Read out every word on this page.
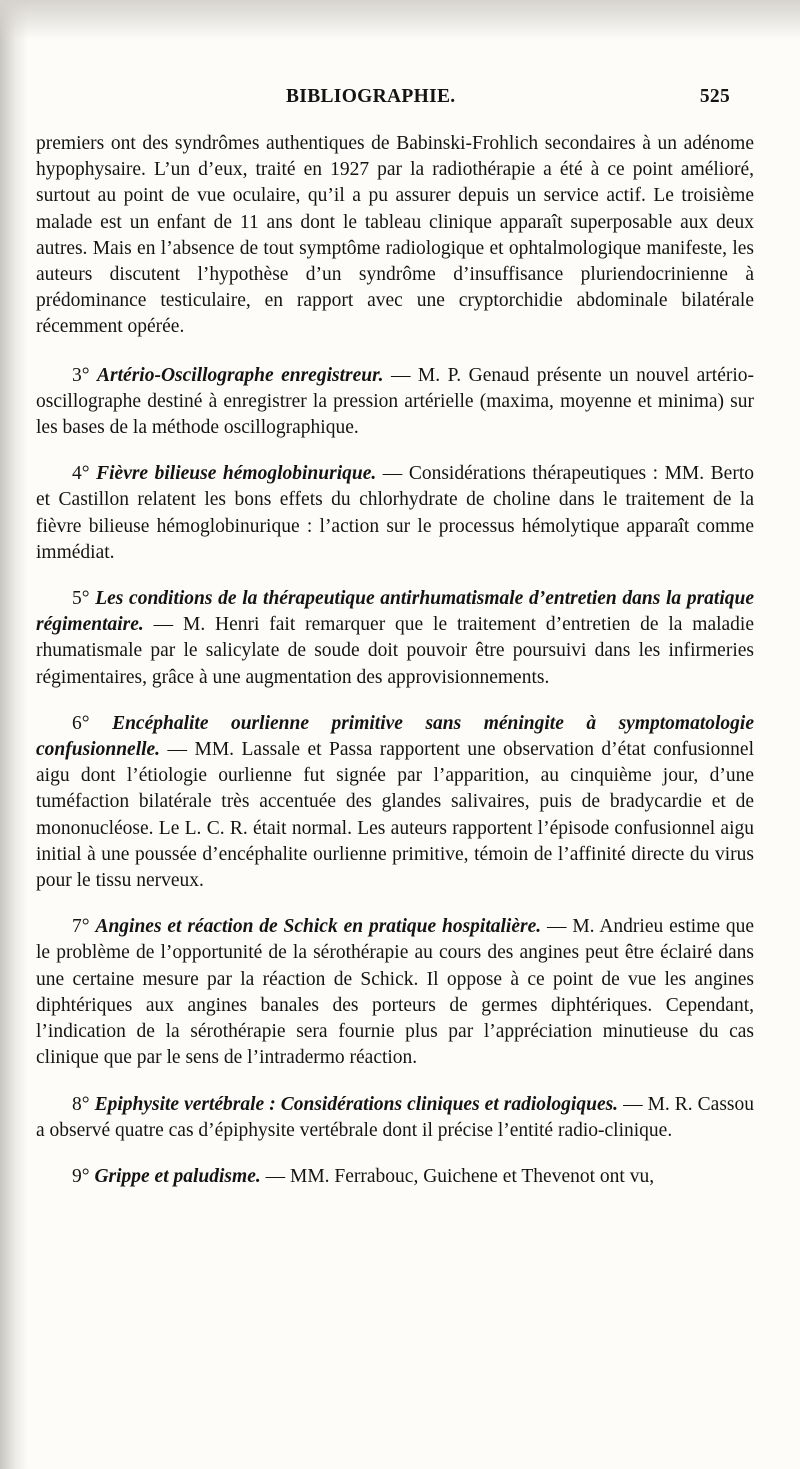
BIBLIOGRAPHIE.	525

premiers ont des syndrômes authentiques de Babinski-Frohlich secondaires à un adénome hypophysaire. L’un d’eux, traité en 1927 par la radiothérapie a été à ce point amélioré, surtout au point de vue oculaire, qu’il a pu assurer depuis un service actif. Le troisième malade est un enfant de 11 ans dont le tableau clinique apparaît superposable aux deux autres. Mais en l’absence de tout symptôme radiologique et ophtalmologique manifeste, les auteurs discutent l’hypothèse d’un syndrôme d’insuffisance pluriendocrinienne à prédominance testiculaire, en rapport avec une cryptorchidie abdominale bilatérale récemment opérée.

3° Artério-Oscillographe enregistreur. — M. P. Genaud présente un nouvel artério-oscillographe destiné à enregistrer la pression artérielle (maxima, moyenne et minima) sur les bases de la méthode oscillographique.

4° Fièvre bilieuse hémoglobinurique. — Considérations thérapeutiques : MM. Berto et Castillon relatent les bons effets du chlorhydrate de choline dans le traitement de la fièvre bilieuse hémoglobinurique : l’action sur le processus hémolytique apparaît comme immédiat.

5° Les conditions de la thérapeutique antirhumatismale d’entretien dans la pratique régimentaire. — M. Henri fait remarquer que le traitement d’entretien de la maladie rhumatismale par le salicylate de soude doit pouvoir être poursuivi dans les infirmeries régimentaires, grâce à une augmentation des approvisionnements.

6° Encéphalite ourlienne primitive sans méningite à symptomatologie confusionnelle. — MM. Lassale et Passa rapportent une observation d’état confusionnel aigu dont l’étiologie ourlienne fut signée par l’apparition, au cinquième jour, d’une tuméfaction bilatérale très accentuée des glandes salivaires, puis de bradycardie et de mononucléose. Le L. C. R. était normal. Les auteurs rapportent l’épisode confusionnel aigu initial à une poussée d’encéphalite ourlienne primitive, témoin de l’affinité directe du virus pour le tissu nerveux.

7° Angines et réaction de Schick en pratique hospitalière. — M. Andrieu estime que le problème de l’opportunité de la sérothérapie au cours des angines peut être éclairé dans une certaine mesure par la réaction de Schick. Il oppose à ce point de vue les angines diphtériques aux angines banales des porteurs de germes diphtériques. Cependant, l’indication de la sérothérapie sera fournie plus par l’appréciation minutieuse du cas clinique que par le sens de l’intradermo réaction.

8° Epiphysite vertébrale : Considérations cliniques et radiologiques. — M. R. Cassou a observé quatre cas d’épiphysite vertébrale dont il précise l’entité radio-clinique.

9° Grippe et paludisme. — MM. Ferrabouc, Guichene et Thevenot ont vu,
